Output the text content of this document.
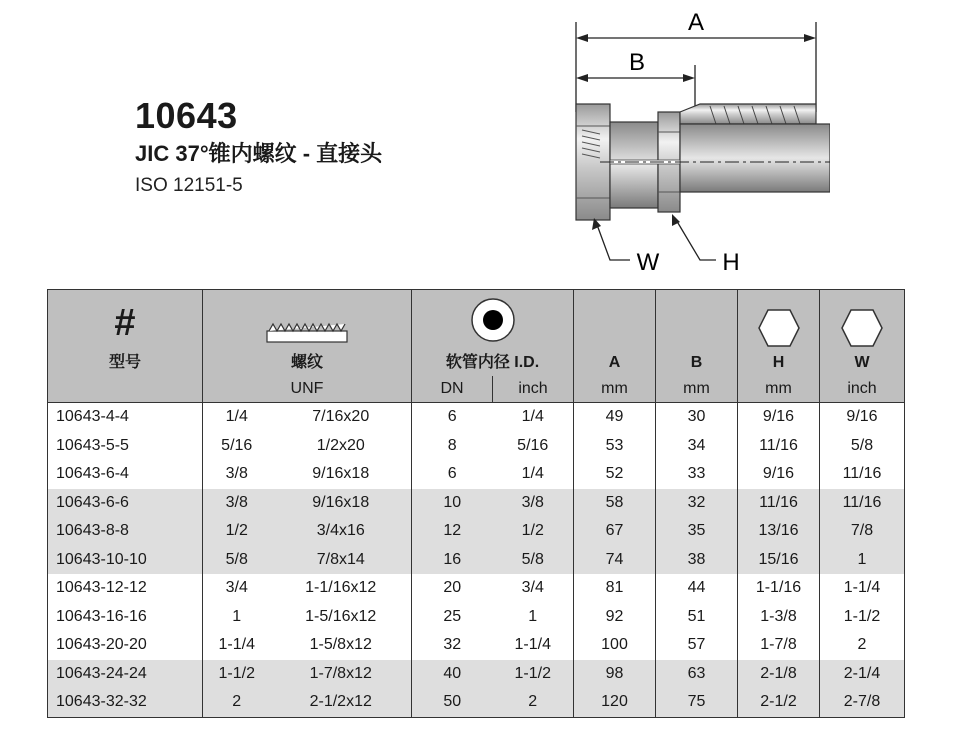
10643
JIC 37°锥内螺纹 - 直接头
ISO 12151-5
A
B
W	H
#
型号	螺纹		软管内径 I.D.		A	B	H	W

	UNF		DN	inch	mm	mm	mm	inch
10643-4-4	1/4	7/16x20	6	1/4	49	30	9/16	9/16
10643-5-5	5/16	1/2x20	8	5/16	53	34	11/16	5/8
10643-6-4	3/8	9/16x18	6	1/4	52	33	9/16	11/16
10643-6-6	3/8	9/16x18	10	3/8	58	32	11/16	11/16
10643-8-8	1/2	3/4x16	12	1/2	67	35	13/16	7/8
10643-10-10	5/8	7/8x14	16	5/8	74	38	15/16	1
10643-12-12	3/4	1-1/16x12	20	3/4	81	44	1-1/16	1-1/4
10643-16-16	1	1-5/16x12	25	1	92	51	1-3/8	1-1/2
10643-20-20	1-1/4	1-5/8x12	32	1-1/4	100	57	1-7/8	2
10643-24-24	1-1/2	1-7/8x12	40	1-1/2	98	63	2-1/8	2-1/4
10643-32-32	2	2-1/2x12	50	2	120	75	2-1/2	2-7/8
